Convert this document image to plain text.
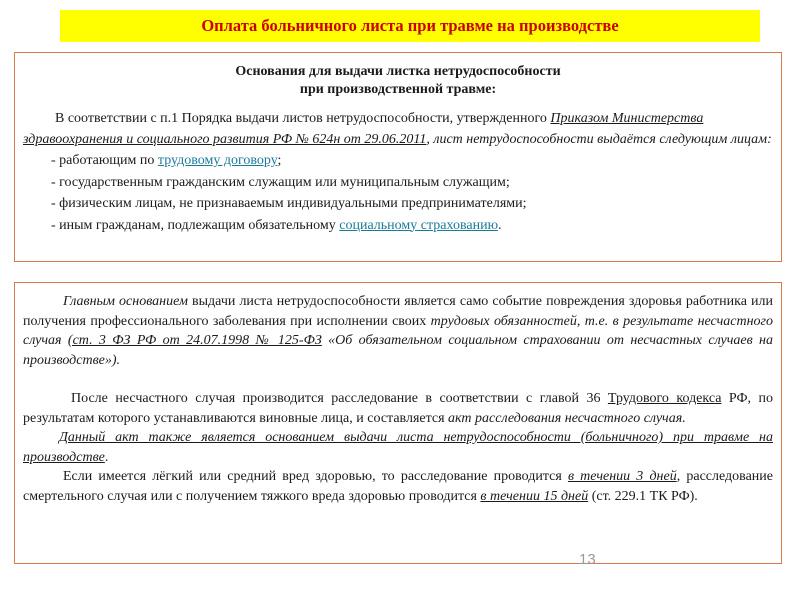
Оплата больничного листа при травме на производстве
Основания для выдачи листка нетрудоспособности
при производственной травме:

В соответствии с п.1 Порядка выдачи листов нетрудоспособности, утвержденного Приказом Министерства здравоохранения и социального развития РФ № 624н от 29.06.2011, лист нетрудоспособности выдаётся следующим лицам:

- работающим по трудовому договору;
- государственным гражданским служащим или муниципальным служащим;
- физическим лицам, не признаваемым индивидуальными предпринимателями;
- иным гражданам, подлежащим обязательному социальному страхованию.

Главным основанием выдачи листа нетрудоспособности является само событие повреждения здоровья работника или получения профессионального заболевания при исполнении своих трудовых обязанностей, т.е. в результате несчастного случая (ст. 3 ФЗ РФ от 24.07.1998 № 125-ФЗ «Об обязательном социальном страховании от несчастных случаев на производстве»).

После несчастного случая производится расследование в соответствии с главой 36 Трудового кодекса РФ, по результатам которого устанавливаются виновные лица, и составляется акт расследования несчастного случая.

Данный акт также является основанием выдачи листа нетрудоспособности (больничного) при травме на производстве.

Если имеется лёгкий или средний вред здоровью, то расследование проводится в течении 3 дней, расследование смертельного случая или с получением тяжкого вреда здоровью проводится в течении 15 дней (ст. 229.1 ТК РФ).

13
